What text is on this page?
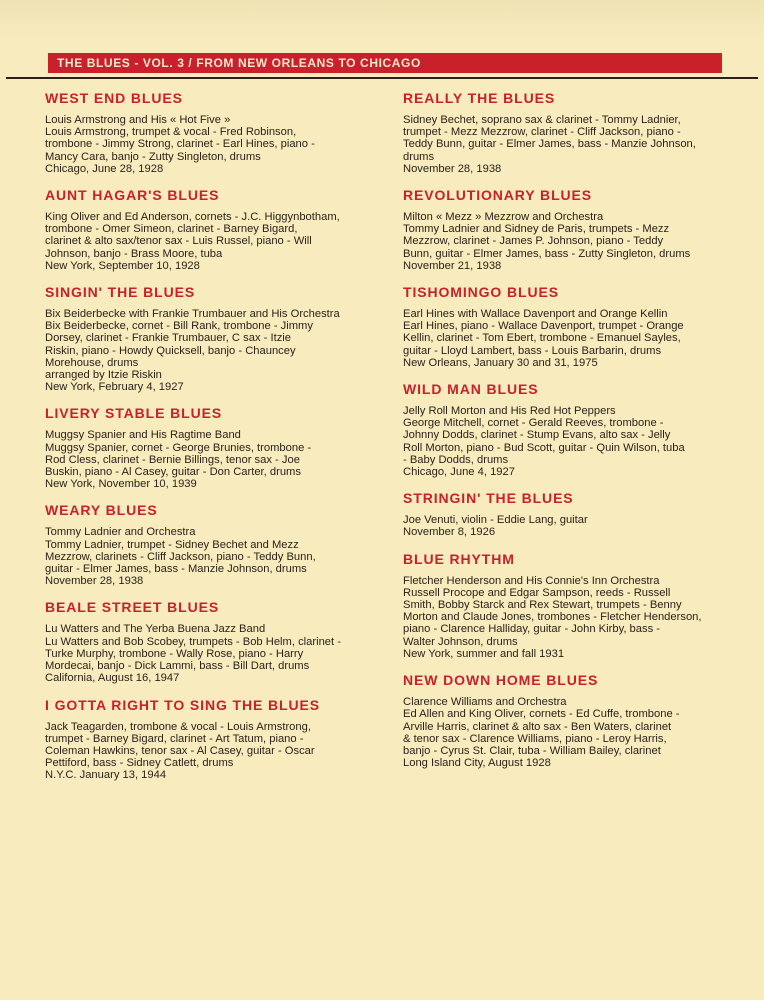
THE BLUES - VOL. 3 / FROM NEW ORLEANS TO CHICAGO
WEST END BLUES
Louis Armstrong and His « Hot Five »
Louis Armstrong, trumpet & vocal - Fred Robinson,
trombone - Jimmy Strong, clarinet - Earl Hines, piano -
Mancy Cara, banjo - Zutty Singleton, drums
Chicago, June 28, 1928
AUNT HAGAR'S BLUES
King Oliver and Ed Anderson, cornets - J.C. Higgynbotham,
trombone - Omer Simeon, clarinet - Barney Bigard,
clarinet & alto sax/tenor sax - Luis Russel, piano - Will
Johnson, banjo - Brass Moore, tuba
New York, September 10, 1928
SINGIN' THE BLUES
Bix Beiderbecke with Frankie Trumbauer and His Orchestra
Bix Beiderbecke, cornet - Bill Rank, trombone - Jimmy
Dorsey, clarinet - Frankie Trumbauer, C sax - Itzie
Riskin, piano - Howdy Quicksell, banjo - Chauncey
Morehouse, drums
arranged by Itzie Riskin
New York, February 4, 1927
LIVERY STABLE BLUES
Muggsy Spanier and His Ragtime Band
Muggsy Spanier, cornet - George Brunies, trombone -
Rod Cless, clarinet - Bernie Billings, tenor sax - Joe
Buskin, piano - Al Casey, guitar - Don Carter, drums
New York, November 10, 1939
WEARY BLUES
Tommy Ladnier and Orchestra
Tommy Ladnier, trumpet - Sidney Bechet and Mezz
Mezzrow, clarinets - Cliff Jackson, piano - Teddy Bunn,
guitar - Elmer James, bass - Manzie Johnson, drums
November 28, 1938
BEALE STREET BLUES
Lu Watters and The Yerba Buena Jazz Band
Lu Watters and Bob Scobey, trumpets - Bob Helm, clarinet -
Turke Murphy, trombone - Wally Rose, piano - Harry
Mordecai, banjo - Dick Lammi, bass - Bill Dart, drums
California, August 16, 1947
I GOTTA RIGHT TO SING THE BLUES
Jack Teagarden, trombone & vocal - Louis Armstrong,
trumpet - Barney Bigard, clarinet - Art Tatum, piano -
Coleman Hawkins, tenor sax - Al Casey, guitar - Oscar
Pettiford, bass - Sidney Catlett, drums
N.Y.C. January 13, 1944
REALLY THE BLUES
Sidney Bechet, soprano sax & clarinet - Tommy Ladnier,
trumpet - Mezz Mezzrow, clarinet - Cliff Jackson, piano -
Teddy Bunn, guitar - Elmer James, bass - Manzie Johnson,
drums
November 28, 1938
REVOLUTIONARY BLUES
Milton « Mezz » Mezzrow and Orchestra
Tommy Ladnier and Sidney de Paris, trumpets - Mezz
Mezzrow, clarinet - James P. Johnson, piano - Teddy
Bunn, guitar - Elmer James, bass - Zutty Singleton, drums
November 21, 1938
TISHOMINGO BLUES
Earl Hines with Wallace Davenport and Orange Kellin
Earl Hines, piano - Wallace Davenport, trumpet - Orange
Kellin, clarinet - Tom Ebert, trombone - Emanuel Sayles,
guitar - Lloyd Lambert, bass - Louis Barbarin, drums
New Orleans, January 30 and 31, 1975
WILD MAN BLUES
Jelly Roll Morton and His Red Hot Peppers
George Mitchell, cornet - Gerald Reeves, trombone -
Johnny Dodds, clarinet - Stump Evans, alto sax - Jelly
Roll Morton, piano - Bud Scott, guitar - Quin Wilson, tuba
- Baby Dodds, drums
Chicago, June 4, 1927
STRINGIN' THE BLUES
Joe Venuti, violin - Eddie Lang, guitar
November 8, 1926
BLUE RHYTHM
Fletcher Henderson and His Connie's Inn Orchestra
Russell Procope and Edgar Sampson, reeds - Russell
Smith, Bobby Starck and Rex Stewart, trumpets - Benny
Morton and Claude Jones, trombones - Fletcher Henderson,
piano - Clarence Halliday, guitar - John Kirby, bass -
Walter Johnson, drums
New York, summer and fall 1931
NEW DOWN HOME BLUES
Clarence Williams and Orchestra
Ed Allen and King Oliver, cornets - Ed Cuffe, trombone -
Arville Harris, clarinet & alto sax - Ben Waters, clarinet
& tenor sax - Clarence Williams, piano - Leroy Harris,
banjo - Cyrus St. Clair, tuba - William Bailey, clarinet
Long Island City, August 1928
